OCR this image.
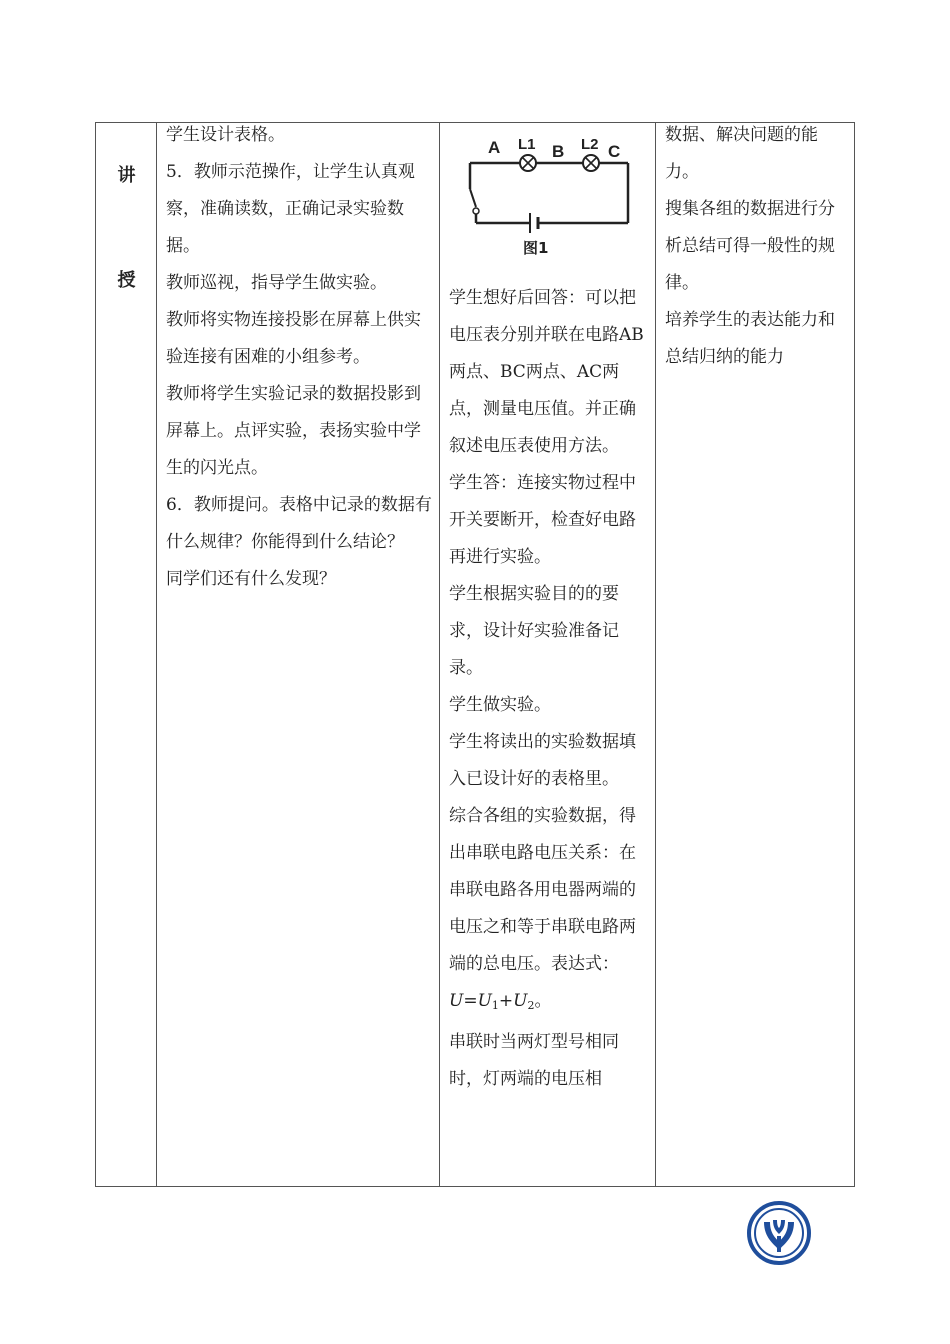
讲
授

学生设计表格。

5．教师示范操作，让学生认真观察，准确读数，正确记录实验数据。

教师巡视，指导学生做实验。

教师将实物连接投影在屏幕上供实验连接有困难的小组参考。

教师将学生实验记录的数据投影到屏幕上。点评实验，表扬实验中学生的闪光点。

6．教师提问。表格中记录的数据有什么规律？你能得到什么结论？

同学们还有什么发现？

A L1 B L2 C
图1

学生想好后回答：可以把电压表分别并联在电路AB两点、BC两点、AC两点，测量电压值。并正确叙述电压表使用方法。

学生答：连接实物过程中开关要断开，检查好电路再进行实验。

学生根据实验目的的要求，设计好实验准备记录。

学生做实验。

学生将读出的实验数据填入已设计好的表格里。

综合各组的实验数据，得出串联电路电压关系：在串联电路各用电器两端的电压之和等于串联电路两端的总电压。表达式：

$U=U_1+U_2$。

串联时当两灯型号相同时，灯两端的电压相

数据、解决问题的能力。

搜集各组的数据进行分析总结可得一般性的规律。

培养学生的表达能力和总结归纳的能力
